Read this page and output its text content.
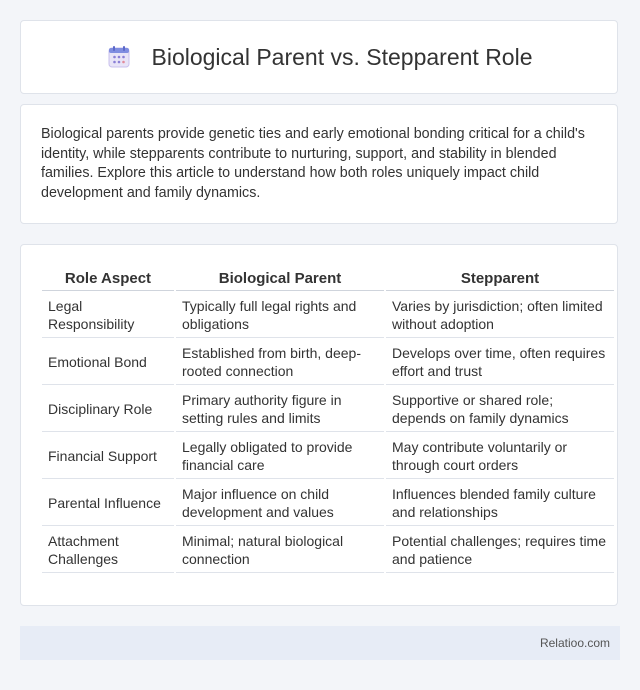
Biological Parent vs. Stepparent Role

Biological parents provide genetic ties and early emotional bonding critical for a child's identity, while stepparents contribute to nurturing, support, and stability in blended families. Explore this article to understand how both roles uniquely impact child development and family dynamics.

Role Aspect	Biological Parent	Stepparent
Legal Responsibility	Typically full legal rights and obligations	Varies by jurisdiction; often limited without adoption
Emotional Bond	Established from birth, deep-rooted connection	Develops over time, often requires effort and trust
Disciplinary Role	Primary authority figure in setting rules and limits	Supportive or shared role; depends on family dynamics
Financial Support	Legally obligated to provide financial care	May contribute voluntarily or through court orders
Parental Influence	Major influence on child development and values	Influences blended family culture and relationships
Attachment Challenges	Minimal; natural biological connection	Potential challenges; requires time and patience
Relatioo.com
